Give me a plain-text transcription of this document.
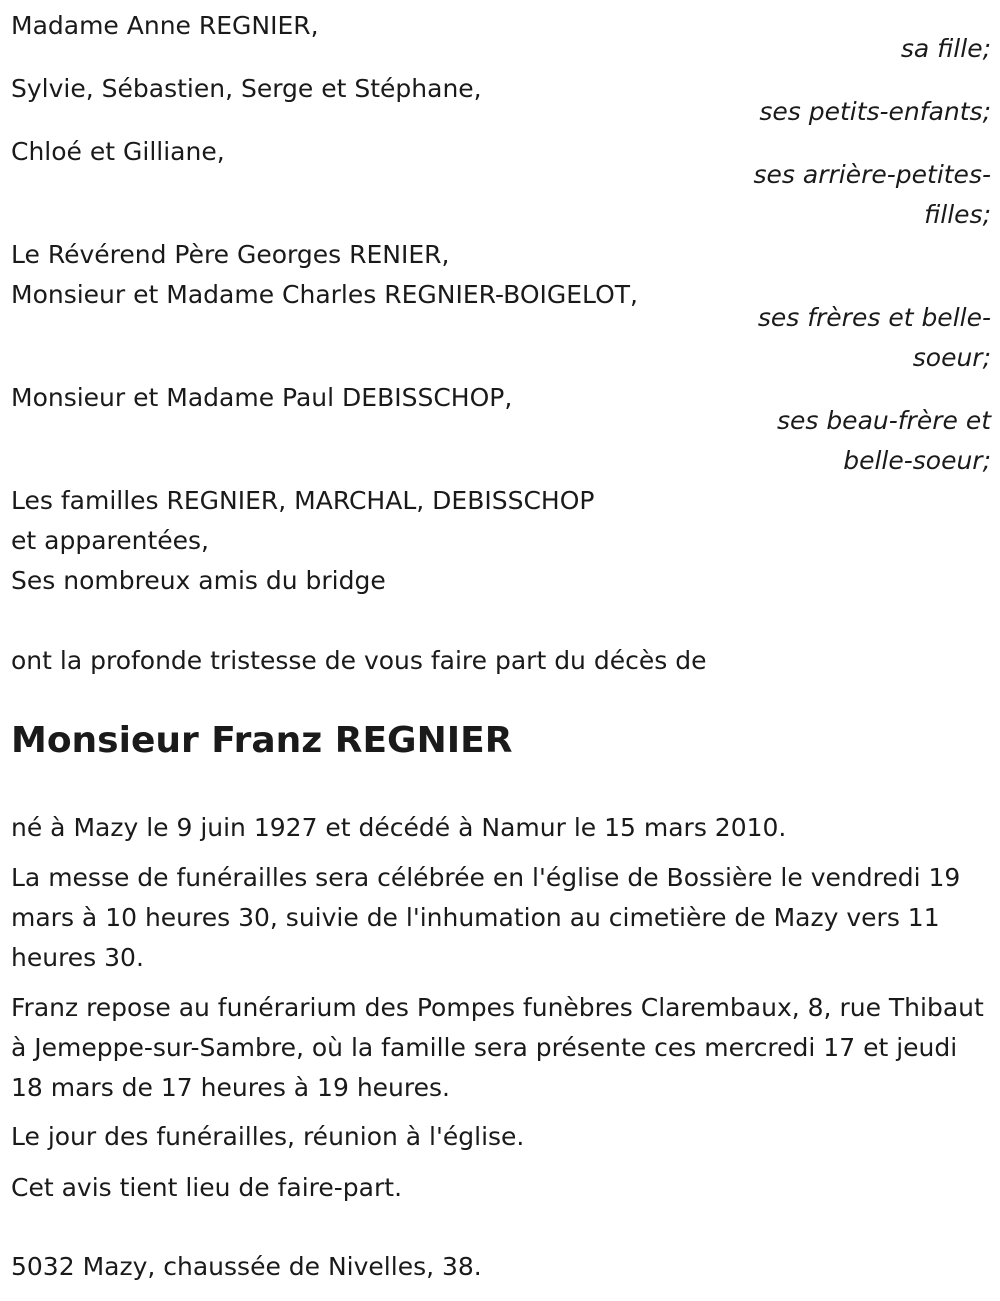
Madame Anne REGNIER,
sa fille;
Sylvie, Sébastien, Serge et Stéphane,
ses petits-enfants;
Chloé et Gilliane,
ses arrière-petites-
filles;
Le Révérend Père Georges RENIER,
Monsieur et Madame Charles REGNIER-BOIGELOT,
ses frères et belle-
soeur;
Monsieur et Madame Paul DEBISSCHOP,
ses beau-frère et
belle-soeur;
Les familles REGNIER, MARCHAL, DEBISSCHOP
et apparentées,
Ses nombreux amis du bridge
ont la profonde tristesse de vous faire part du décès de
Monsieur Franz REGNIER
né à Mazy le 9 juin 1927 et décédé à Namur le 15 mars 2010.
La messe de funérailles sera célébrée en l'église de Bossière le vendredi 19 mars à 10 heures 30, suivie de l'inhumation au cimetière de Mazy vers 11 heures 30.
Franz repose au funérarium des Pompes funèbres Clarembaux, 8, rue Thibaut à Jemeppe-sur-Sambre, où la famille sera présente ces mercredi 17 et jeudi 18 mars de 17 heures à 19 heures.
Le jour des funérailles, réunion à l'église.
Cet avis tient lieu de faire-part.
5032 Mazy, chaussée de Nivelles, 38.
